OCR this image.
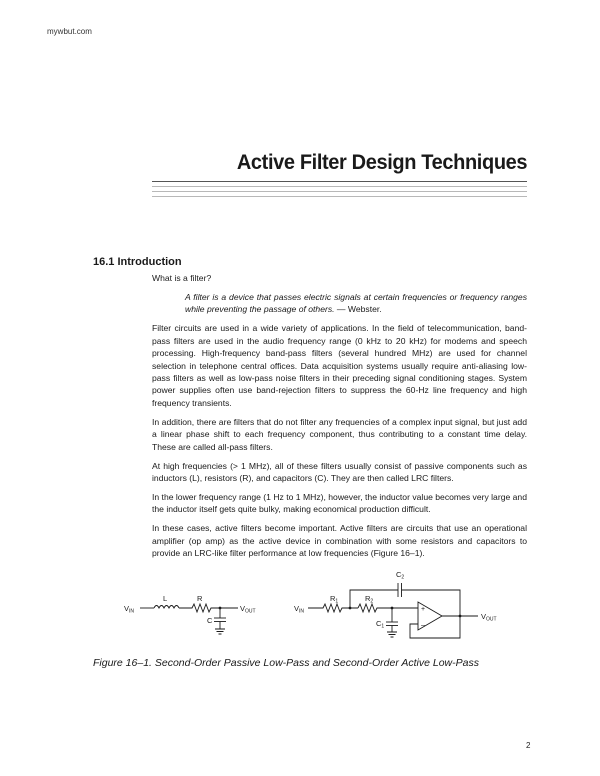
mywbut.com
Active Filter Design Techniques
16.1 Introduction

What is a filter?

A filter is a device that passes electric signals at certain frequencies or frequency ranges while preventing the passage of others. — Webster.

Filter circuits are used in a wide variety of applications. In the field of telecommunication, band-pass filters are used in the audio frequency range (0 kHz to 20 kHz) for modems and speech processing. High-frequency band-pass filters (several hundred MHz) are used for channel selection in telephone central offices. Data acquisition systems usually require anti-aliasing low-pass filters as well as low-pass noise filters in their preceding signal conditioning stages. System power supplies often use band-rejection filters to suppress the 60-Hz line frequency and high frequency transients.

In addition, there are filters that do not filter any frequencies of a complex input signal, but just add a linear phase shift to each frequency component, thus contributing to a constant time delay. These are called all-pass filters.

At high frequencies (> 1 MHz), all of these filters usually consist of passive components such as inductors (L), resistors (R), and capacitors (C). They are then called LRC filters.

In the lower frequency range (1 Hz to 1 MHz), however, the inductor value becomes very large and the inductor itself gets quite bulky, making economical production difficult.

In these cases, active filters become important. Active filters are circuits that use an operational amplifier (op amp) as the active device in combination with some resistors and capacitors to provide an LRC-like filter performance at low frequencies (Figure 16–1).

$V_{IN}$
L	R
C
$V_{OUT}$	$V_{IN}$
$R_1$	$R_2$
$C_2$
$C_1$
+
–
$V_{OUT}$
Figure 16–1. Second-Order Passive Low-Pass and Second-Order Active Low-Pass
2
